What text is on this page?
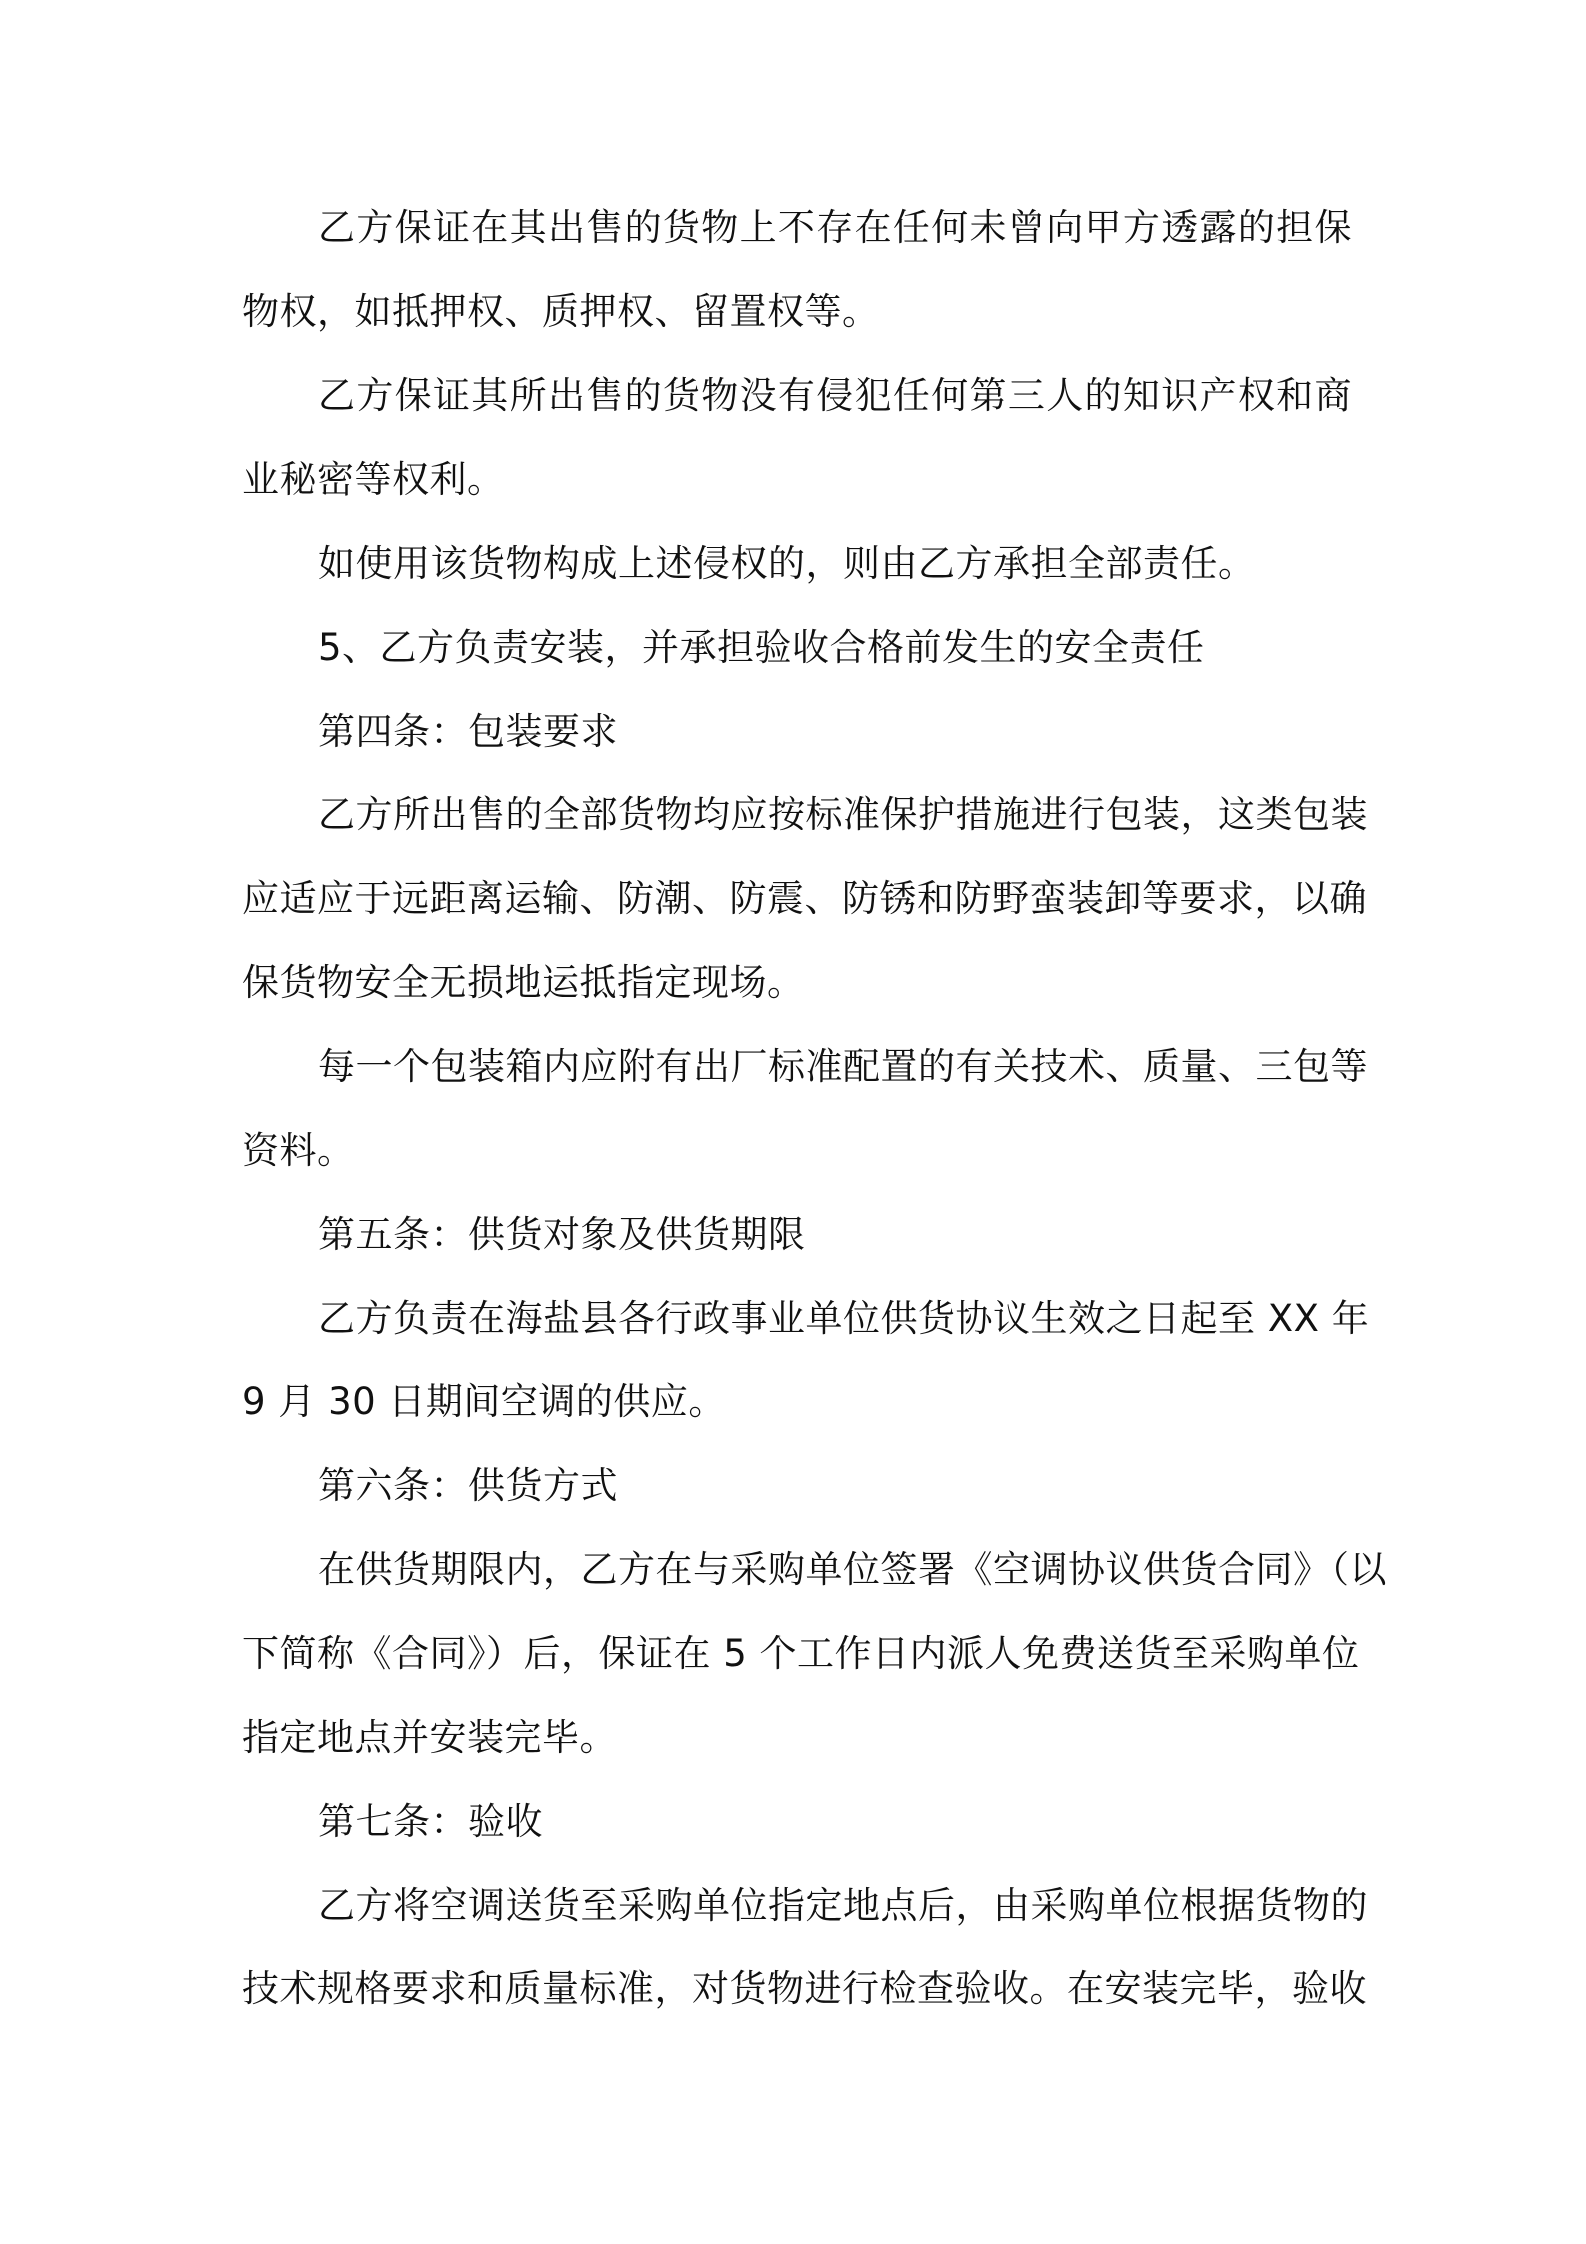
乙方保证在其出售的货物上不存在任何未曾向甲方透露的担保
物权，如抵押权、质押权、留置权等。
乙方保证其所出售的货物没有侵犯任何第三人的知识产权和商
业秘密等权利。
如使用该货物构成上述侵权的，则由乙方承担全部责任。
5、乙方负责安装，并承担验收合格前发生的安全责任
第四条：包装要求
乙方所出售的全部货物均应按标准保护措施进行包装，这类包装
应适应于远距离运输、防潮、防震、防锈和防野蛮装卸等要求，以确
保货物安全无损地运抵指定现场。
每一个包装箱内应附有出厂标准配置的有关技术、质量、三包等
资料。
第五条：供货对象及供货期限
乙方负责在海盐县各行政事业单位供货协议生效之日起至 XX 年
9 月 30 日期间空调的供应。
第六条：供货方式
在供货期限内，乙方在与采购单位签署《空调协议供货合同》（以
下简称《合同》）后，保证在 5 个工作日内派人免费送货至采购单位
指定地点并安装完毕。
第七条：验收
乙方将空调送货至采购单位指定地点后，由采购单位根据货物的
技术规格要求和质量标准，对货物进行检查验收。在安装完毕，验收
